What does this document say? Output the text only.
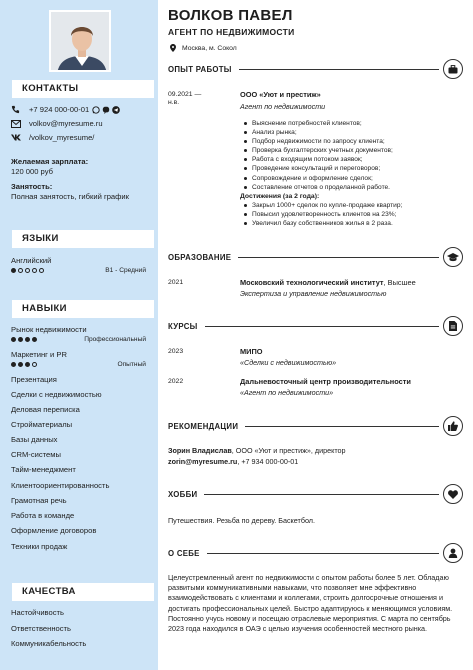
КОНТАКТЫ
+7 924 000-00-01
volkov@myresume.ru
/volkov_myresume/
Желаемая зарплата:
120 000 руб
Занятость:
Полная занятость, гибкий график
ЯЗЫКИ
Английский
B1 - Средний
НАВЫКИ
Рынок недвижимости
Профессиональный
Маркетинг и PR
Опытный
Презентация
Сделки с недвижимостью
Деловая переписка
Стройматериалы
Базы данных
CRM-системы
Тайм-менеджмент
Клиентоориентированность
Грамотная речь
Работа в команде
Оформление договоров
Техники продаж
КАЧЕСТВА
Настойчивость
Ответственность
Коммуникабельность
ВОЛКОВ ПАВЕЛ
АГЕНТ ПО НЕДВИЖИМОСТИ
Москва, м. Сокол
ОПЫТ РАБОТЫ
09.2021 —
н.в.
ООО «Уют и престиж»
Агент по недвижимости
Выяснение потребностей клиентов;
Анализ рынка;
Подбор недвижимости по запросу клиента;
Проверка бухгалтерских учетных документов;
Работа с входящим потоком заявок;
Проведение консультаций и переговоров;
Сопровождение и оформление сделок;
Составление отчетов о проделанной работе.
Достижения (за 2 года):
Закрыл 1000+ сделок по купле-продаже квартир;
Повысил удовлетворенность клиентов на 23%;
Увеличил базу собственников жилья в 2 раза.
ОБРАЗОВАНИЕ
2021	Московский технологический институт, Высшее
Экспертиза и управление недвижимостью
КУРСЫ
2023	МИПО
«Сделки с недвижимостью»
2022	Дальневосточный центр производительности
«Агент по недвижимости»
РЕКОМЕНДАЦИИ
Зорин Владислав, ООО «Уют и престиж», директор
zorin@myresume.ru, +7 934 000-00-01
ХОББИ
Путешествия. Резьба по дереву. Баскетбол.
О СЕБЕ
Целеустремленный агент по недвижимости с опытом работы более 5 лет. Обладаю развитыми коммуникативными навыками, что позволяет мне эффективно взаимодействовать с клиентами и коллегами, строить долгосрочные отношения и достигать профессиональных целей. Быстро адаптируюсь к меняющимся условиям. Постоянно учусь новому и посещаю отраслевые мероприятия. С марта по сентябрь 2023 года находился в ОАЭ с целью изучения особенностей местного рынка.
